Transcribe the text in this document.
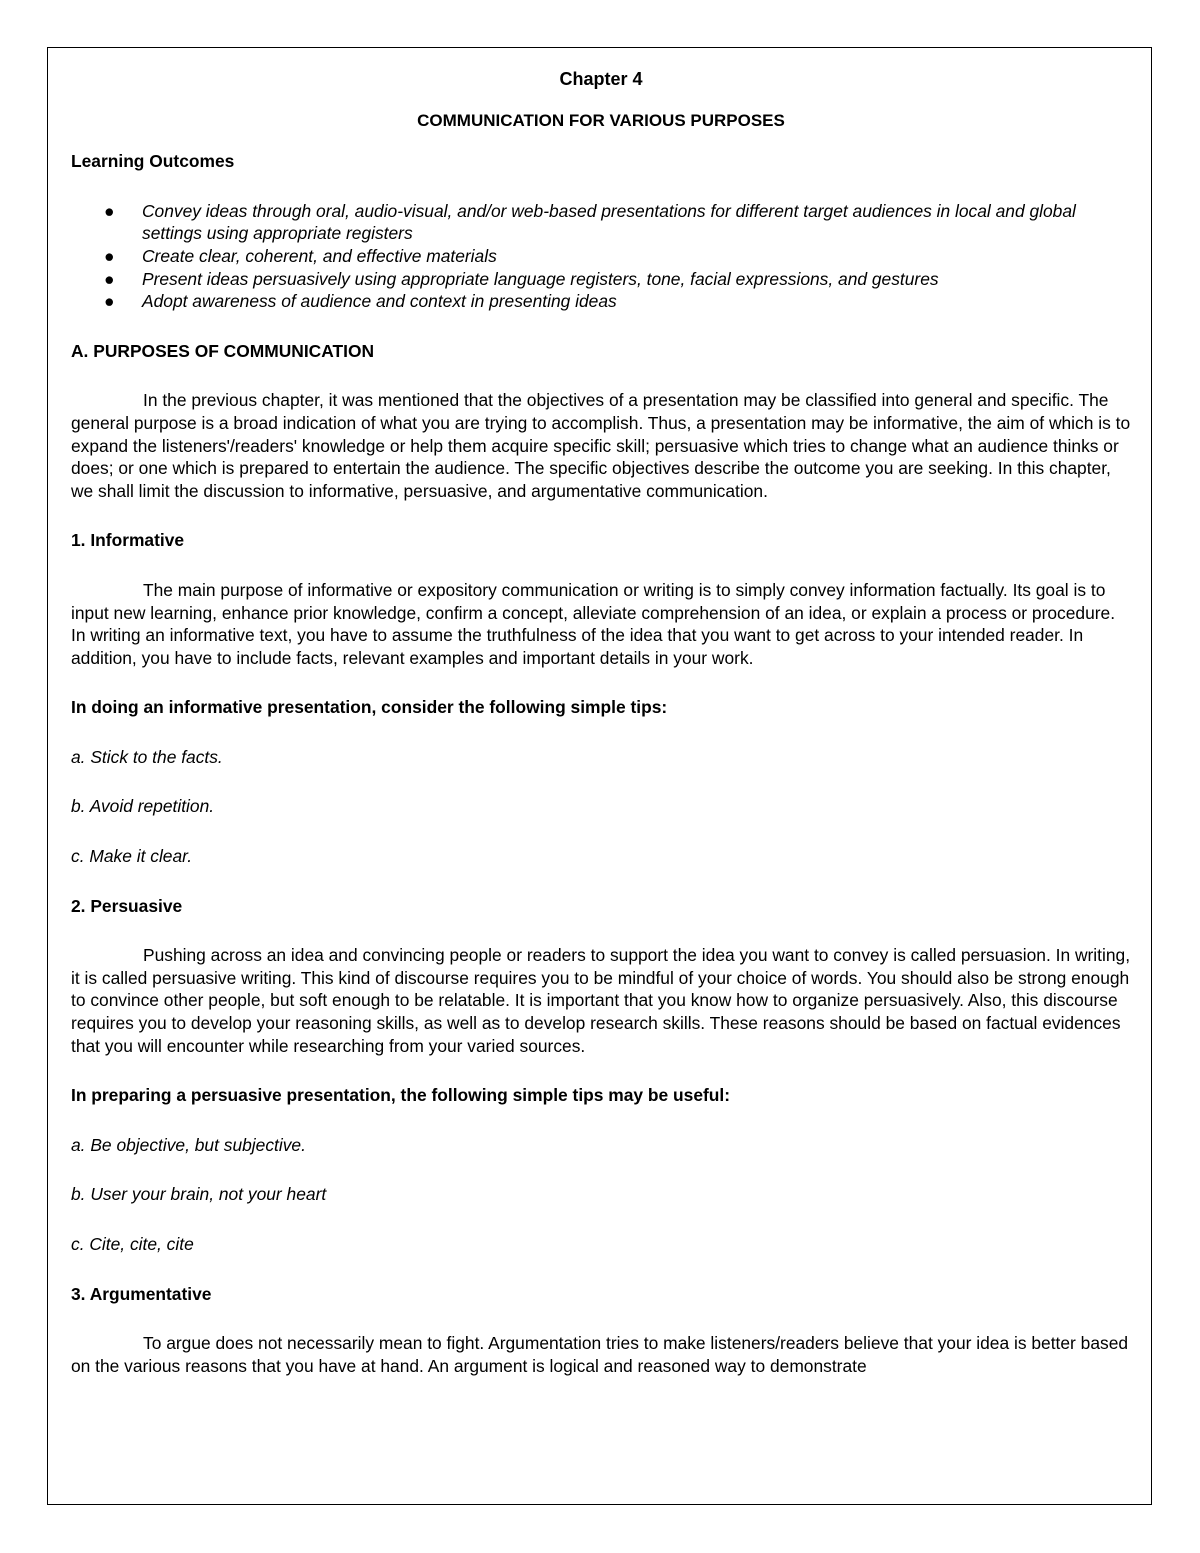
Chapter 4
COMMUNICATION FOR VARIOUS PURPOSES
Learning Outcomes
● Convey ideas through oral, audio-visual, and/or web-based presentations for different target audiences in local and global settings using appropriate registers
● Create clear, coherent, and effective materials
● Present ideas persuasively using appropriate language registers, tone, facial expressions, and gestures
● Adopt awareness of audience and context in presenting ideas
A. PURPOSES OF COMMUNICATION

In the previous chapter, it was mentioned that the objectives of a presentation may be classified into general and specific. The general purpose is a broad indication of what you are trying to accomplish. Thus, a presentation may be informative, the aim of which is to expand the listeners'/readers' knowledge or help them acquire specific skill; persuasive which tries to change what an audience thinks or does; or one which is prepared to entertain the audience. The specific objectives describe the outcome you are seeking. In this chapter, we shall limit the discussion to informative, persuasive, and argumentative communication.

1. Informative

The main purpose of informative or expository communication or writing is to simply convey information factually. Its goal is to input new learning, enhance prior knowledge, confirm a concept, alleviate comprehension of an idea, or explain a process or procedure. In writing an informative text, you have to assume the truthfulness of the idea that you want to get across to your intended reader. In addition, you have to include facts, relevant examples and important details in your work.

In doing an informative presentation, consider the following simple tips:

a. Stick to the facts.

b. Avoid repetition.

c. Make it clear.

2. Persuasive

Pushing across an idea and convincing people or readers to support the idea you want to convey is called persuasion. In writing, it is called persuasive writing. This kind of discourse requires you to be mindful of your choice of words. You should also be strong enough to convince other people, but soft enough to be relatable. It is important that you know how to organize persuasively. Also, this discourse requires you to develop your reasoning skills, as well as to develop research skills. These reasons should be based on factual evidences that you will encounter while researching from your varied sources.

In preparing a persuasive presentation, the following simple tips may be useful:

a. Be objective, but subjective.

b. User your brain, not your heart

c. Cite, cite, cite

3. Argumentative

To argue does not necessarily mean to fight. Argumentation tries to make listeners/readers believe that your idea is better based on the various reasons that you have at hand. An argument is logical and reasoned way to demonstrate
